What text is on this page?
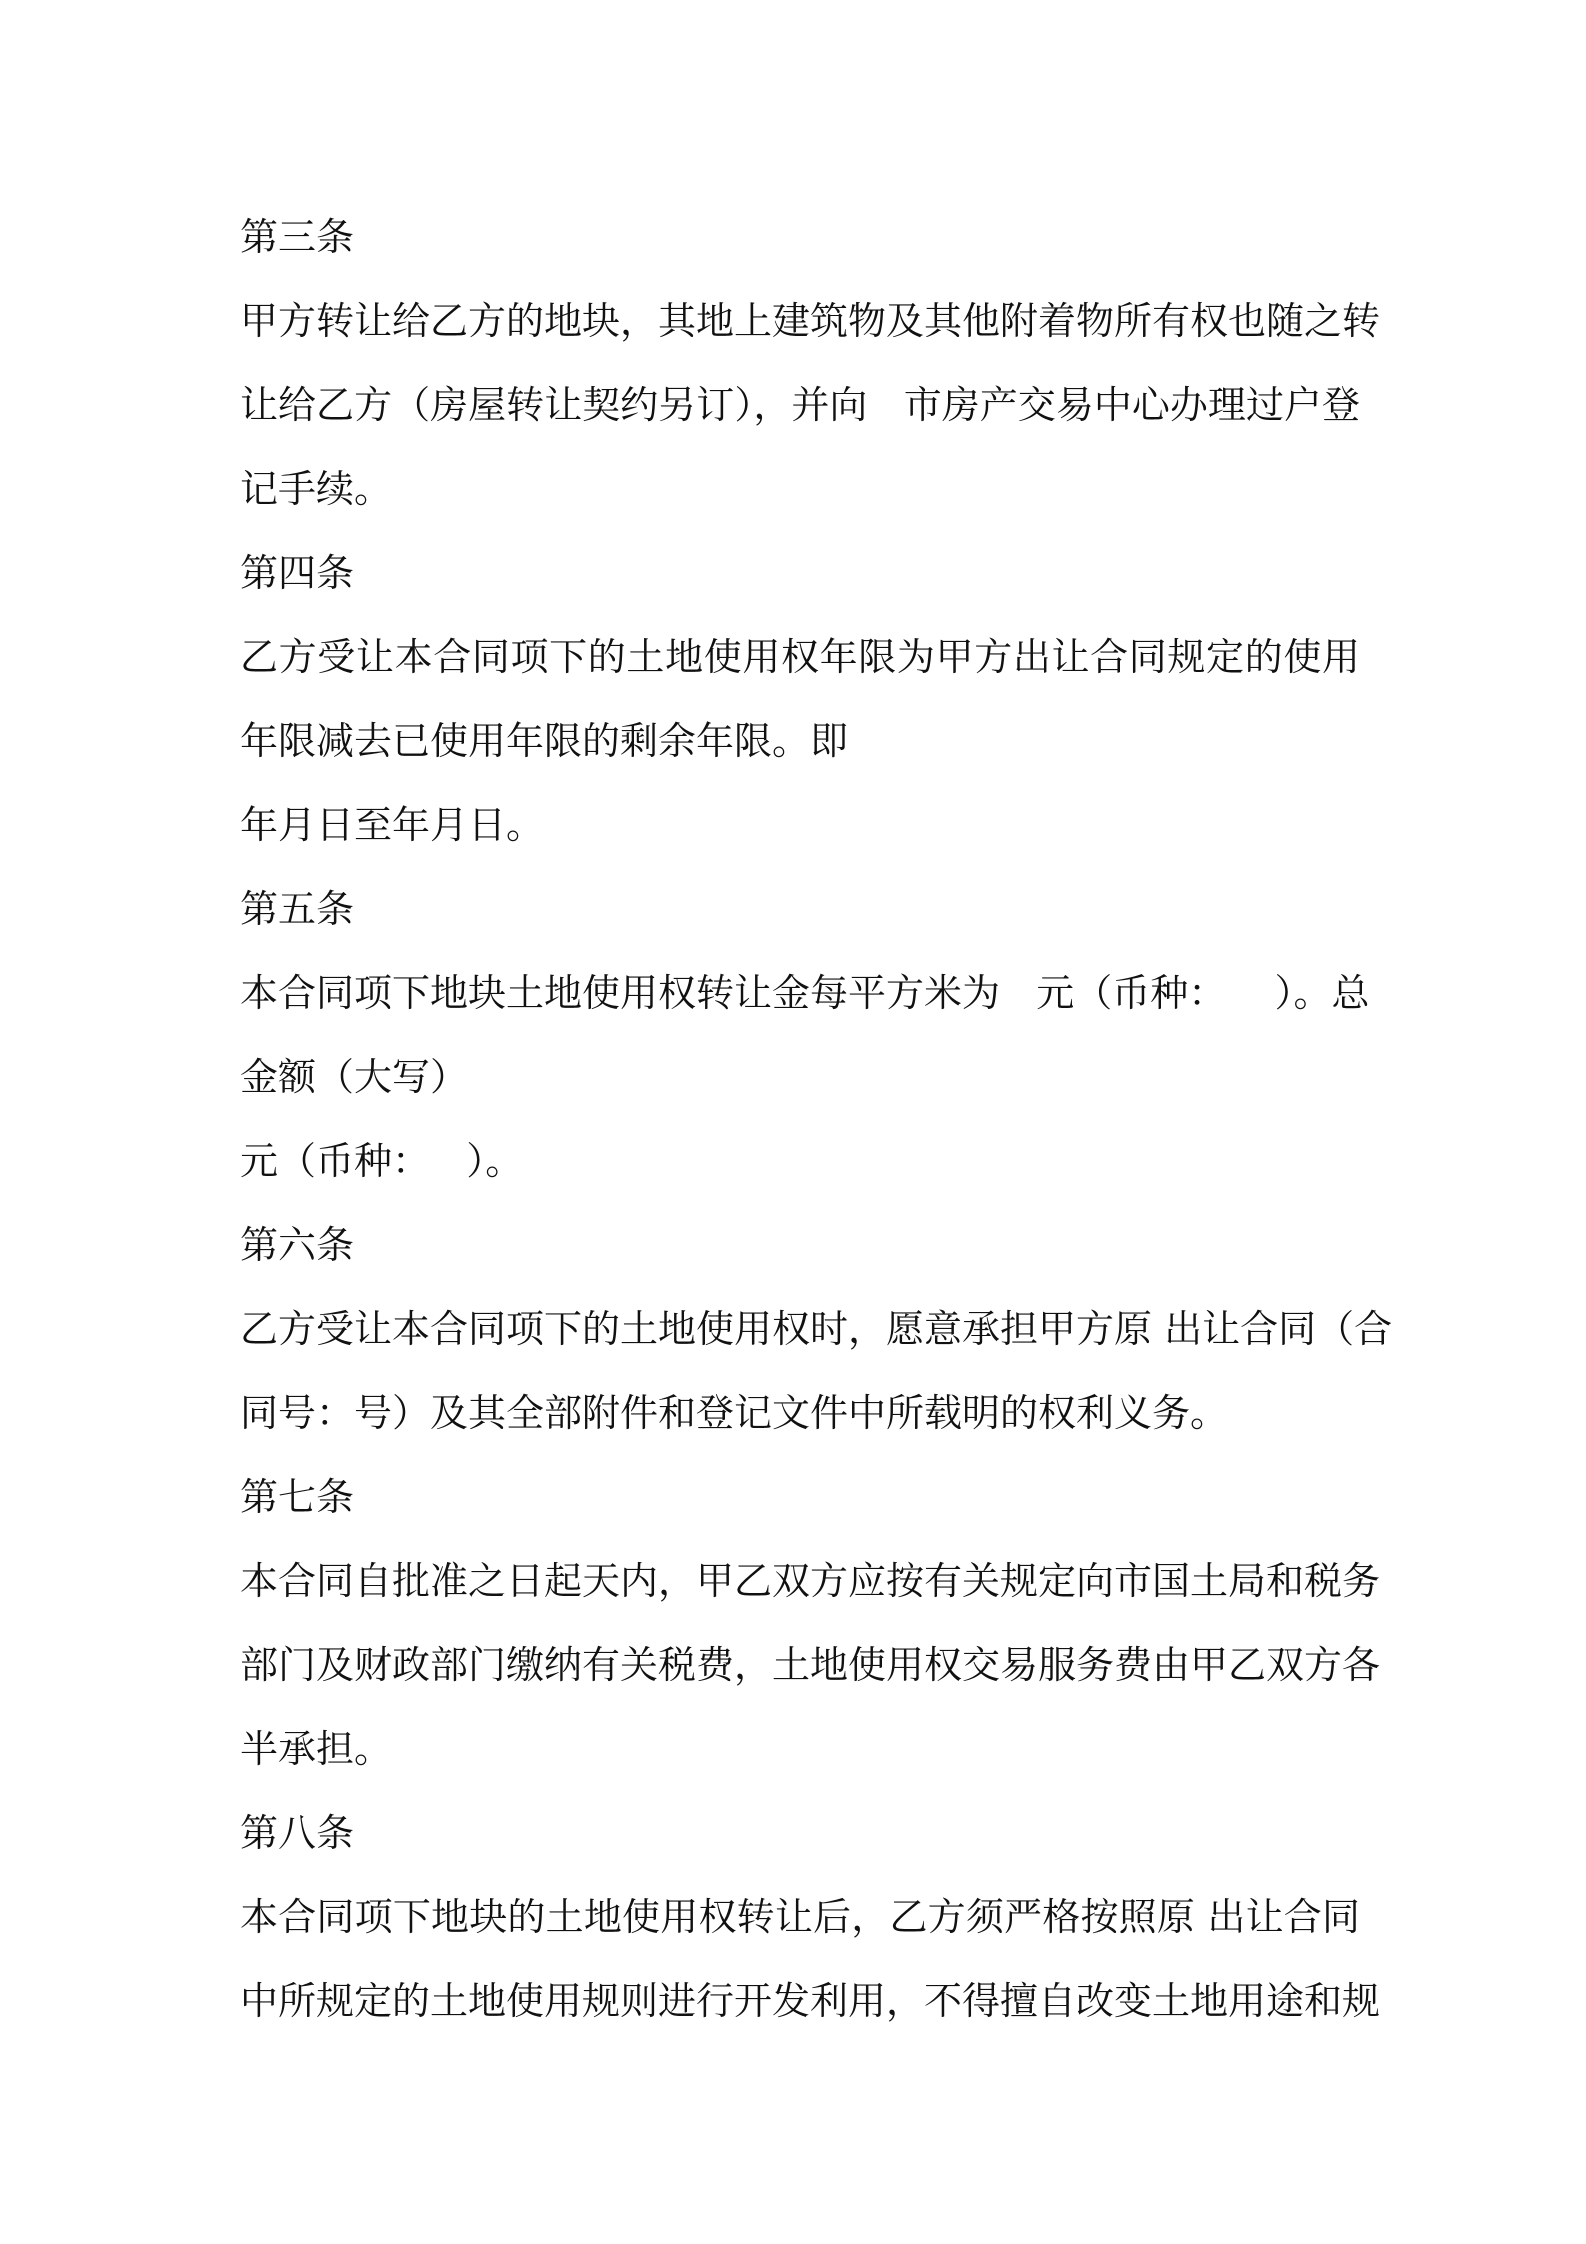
第三条
甲方转让给乙方的地块，其地上建筑物及其他附着物所有权也随之转
让给乙方（房屋转让契约另订），并向   市房产交易中心办理过户登
记手续。
第四条
乙方受让本合同项下的土地使用权年限为甲方出让合同规定的使用
年限减去已使用年限的剩余年限。即
年月日至年月日。
第五条
本合同项下地块土地使用权转让金每平方米为   元（币种：    ）。总
金额（大写）
元（币种：   ）。
第六条
乙方受让本合同项下的土地使用权时，愿意承担甲方原 出让合同（合
同号：号）及其全部附件和登记文件中所载明的权利义务。
第七条
本合同自批准之日起天内，甲乙双方应按有关规定向市国土局和税务
部门及财政部门缴纳有关税费，土地使用权交易服务费由甲乙双方各
半承担。
第八条
本合同项下地块的土地使用权转让后，乙方须严格按照原 出让合同
中所规定的土地使用规则进行开发利用，不得擅自改变土地用途和规
